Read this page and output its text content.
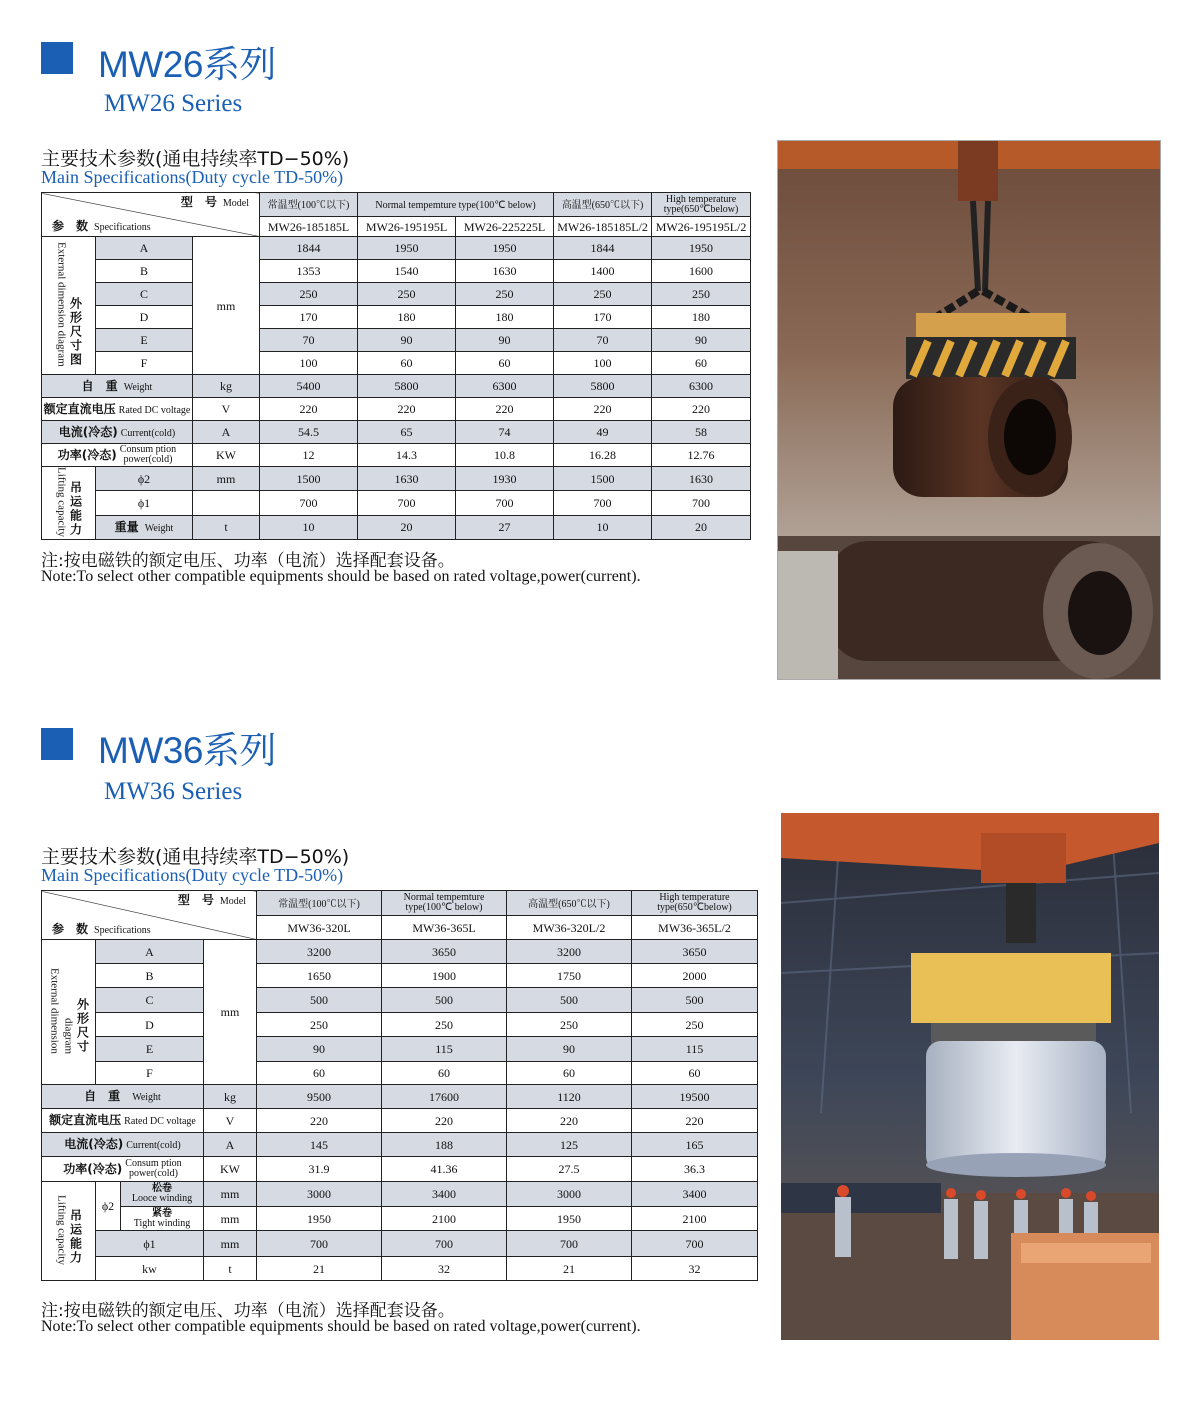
MW26系列
MW26 Series
主要技术参数(通电持续率TD−50%)
Main Specifications(Duty cycle TD-50%)
型　号 Model
参　数 Specifications			常温型(100℃以下)	Normal tempemture type(100℃ below)		高温型(650℃以下)	High temperature
type(650℃below)

			MW26-185185L	MW26-195195L	MW26-225225L	MW26-185185L/2	MW26-195195L/2
External dimension diagram 外形尺寸图	A	mm	1844	1950	1950	1844	1950
	B		1353	1540	1630	1400	1600
	C		250	250	250	250	250
	D		170	180	180	170	180
	E		70	90	90	70	90
	F		100	60	60	100	60
自　重 Weight		kg	5400	5800	6300	5800	6300
额定直流电压 Rated DC voltage		V	220	220	220	220	220
电流(冷态) Current(cold)		A	54.5	65	74	49	58
功率(冷态) Consum ption
power(cold)		KW	12	14.3	10.8	16.28	12.76
Lifting capacity 吊运能力	ϕ2	mm	1500	1630	1930	1500	1630
	ϕ1		700	700	700	700	700
	重量 Weight	t	10	20	27	10	20
注:按电磁铁的额定电压、功率（电流）选择配套设备。
Note:To select other compatible equipments should be based on rated voltage,power(current).
MW36系列
MW36 Series
主要技术参数(通电持续率TD−50%)
Main Specifications(Duty cycle TD-50%)
型　号 Model
参　数 Specifications				常温型(100℃以下)	Normal tempemture
type(100℃ below)	高温型(650℃以下)	High temperature
type(650℃below)

				MW36-320L	MW36-365L	MW36-320L/2	MW36-365L/2
External dimension diagram 外形尺寸	A		mm	3200	3650	3200	3650
	B			1650	1900	1750	2000
	C			500	500	500	500
	D			250	250	250	250
	E			90	115	90	115
	F			60	60	60	60
自　重 Weight			kg	9500	17600	1120	19500
额定直流电压 Rated DC voltage			V	220	220	220	220
电流(冷态) Current(cold)			A	145	188	125	165
功率(冷态) Consum ption
power(cold)			KW	31.9	41.36	27.5	36.3
Lifting capacity 吊运能力	ϕ2	松卷
Looce winding	mm	3000	3400	3000	3400

		紧卷
Tight winding	mm	1950	2100	1950	2100
	ϕ1		mm	700	700	700	700
	kw		t	21	32	21	32
注:按电磁铁的额定电压、功率（电流）选择配套设备。
Note:To select other compatible equipments should be based on rated voltage,power(current).
